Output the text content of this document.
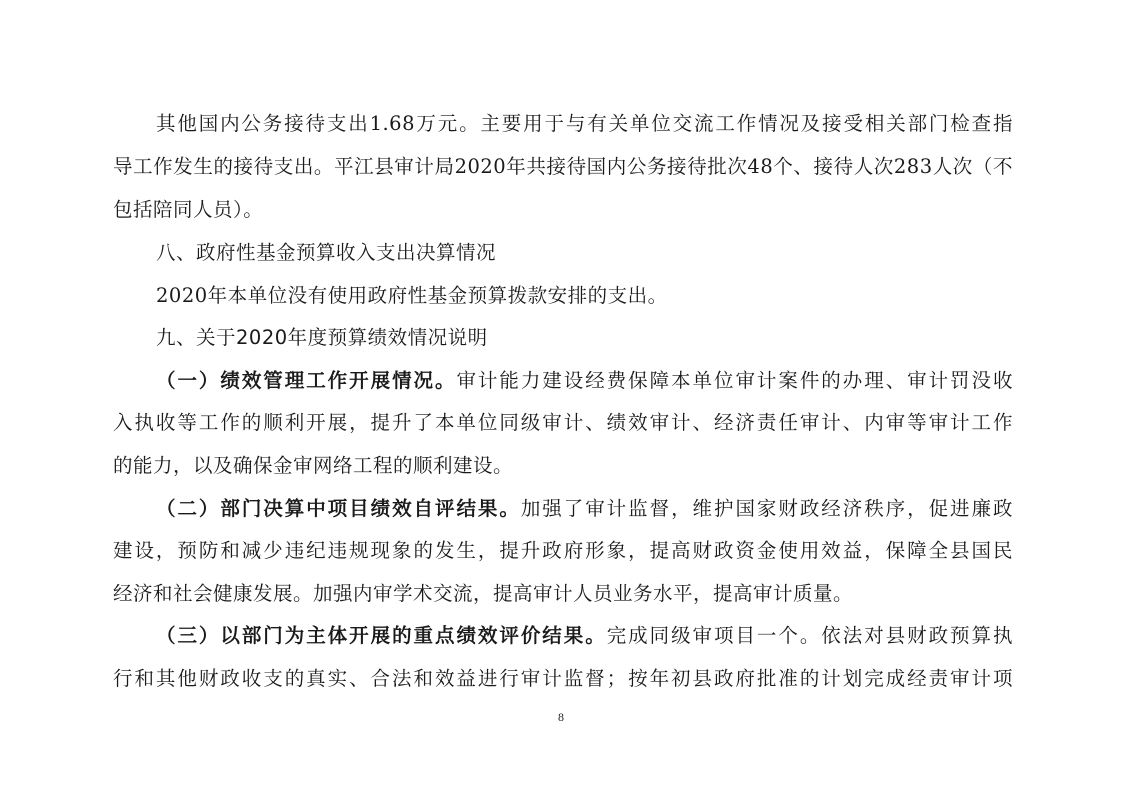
其他国内公务接待支出1.68万元。主要用于与有关单位交流工作情况及接受相关部门检查指
导工作发生的接待支出。平江县审计局2020年共接待国内公务接待批次48个、接待人次283人次（不
包括陪同人员）。
八、政府性基金预算收入支出决算情况
2020年本单位没有使用政府性基金预算拨款安排的支出。
九、关于2020年度预算绩效情况说明
（一）绩效管理工作开展情况。审计能力建设经费保障本单位审计案件的办理、审计罚没收
入执收等工作的顺利开展，提升了本单位同级审计、绩效审计、经济责任审计、内审等审计工作
的能力，以及确保金审网络工程的顺利建设。
（二）部门决算中项目绩效自评结果。加强了审计监督，维护国家财政经济秩序，促进廉政
建设，预防和减少违纪违规现象的发生，提升政府形象，提高财政资金使用效益，保障全县国民
经济和社会健康发展。加强内审学术交流，提高审计人员业务水平，提高审计质量。
（三）以部门为主体开展的重点绩效评价结果。完成同级审项目一个。依法对县财政预算执
行和其他财政收支的真实、合法和效益进行审计监督；按年初县政府批准的计划完成经责审计项
8
